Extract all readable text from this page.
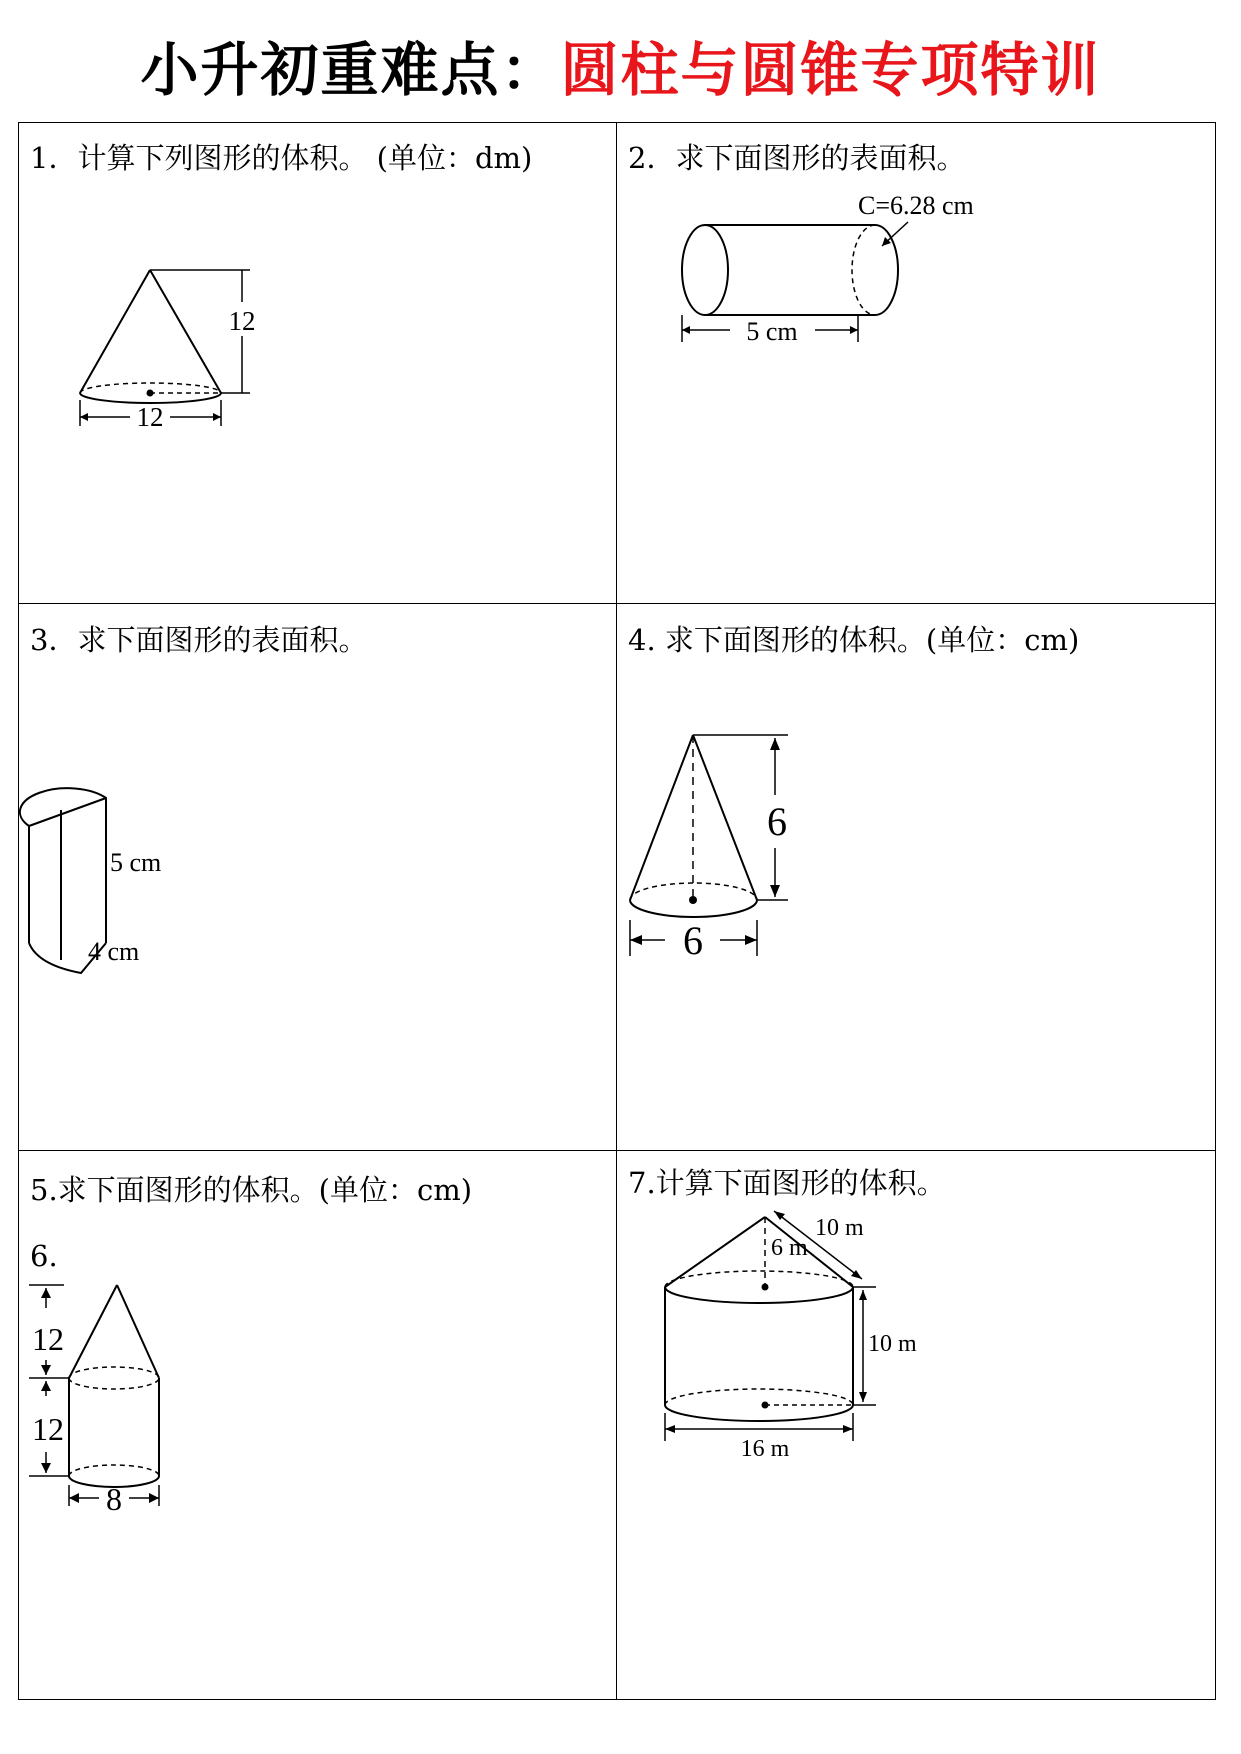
小升初重难点：圆柱与圆锥专项特训
1．计算下列图形的体积。 (单位：dm)
12
12
2．求下面图形的表面积。
5 cm
C=6.28 cm
3．求下面图形的表面积。
5 cm
4 cm
4. 求下面图形的体积。(单位：cm)
6
6
5.求下面图形的体积。(单位：cm)
6.
12
12
8
7.计算下面图形的体积。
10 m
6 m
10 m
16 m
